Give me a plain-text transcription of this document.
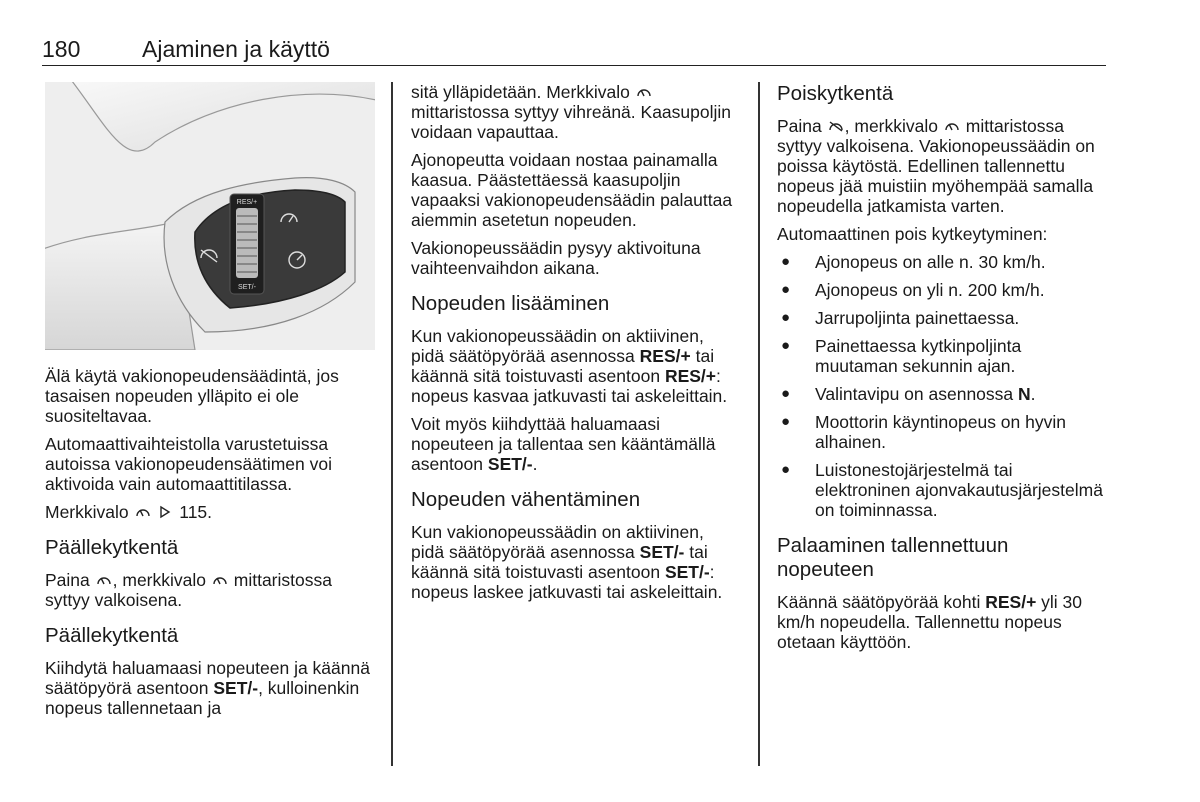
180	Ajaminen ja käyttö
RES/+
SET/-

Älä käytä vakionopeudensäädintä, jos tasaisen nopeuden ylläpito ei ole suositeltavaa.

Automaattivaihteistolla varustetuissa autoissa vakionopeudensäätimen voi aktivoida vain automaattitilassa.

Merkkivalo	115.

Päällekytkentä

Paina , merkkivalo mittaristossa syttyy valkoisena.

Päällekytkentä

Kiihdytä haluamaasi nopeuteen ja käännä säätöpyörä asentoon SET/-, kulloinenkin nopeus tallennetaan ja

sitä ylläpidetään. Merkkivalo  mittaristossa syttyy vihreänä. Kaasupoljin voidaan vapauttaa.

Ajonopeutta voidaan nostaa painamalla kaasua. Päästettäessä kaasupoljin vapaaksi vakionopeudensäädin palauttaa aiemmin asetetun nopeuden.

Vakionopeussäädin pysyy aktivoituna vaihteenvaihdon aikana.

Nopeuden lisääminen

Kun vakionopeussäädin on aktiivinen, pidä säätöpyörää asennossa RES/+ tai käännä sitä toistuvasti asentoon RES/+: nopeus kasvaa jatkuvasti tai askeleittain.

Voit myös kiihdyttää haluamaasi nopeuteen ja tallentaa sen kääntämällä asentoon SET/-.

Nopeuden vähentäminen

Kun vakionopeussäädin on aktiivinen, pidä säätöpyörää asennossa SET/- tai käännä sitä toistuvasti asentoon SET/-: nopeus laskee jatkuvasti tai askeleittain.

Poiskytkentä

Paina , merkkivalo mittaristossa syttyy valkoisena. Vakionopeussäädin on poissa käytöstä. Edellinen tallennettu nopeus jää muistiin myöhempää samalla nopeudella jatkamista varten.

Automaattinen pois kytkeytyminen:

● Ajonopeus on alle n. 30 km/h.
● Ajonopeus on yli n. 200 km/h.
● Jarrupoljinta painettaessa.
● Painettaessa kytkinpoljinta muutaman sekunnin ajan.
● Valintavipu on asennossa N.
● Moottorin käyntinopeus on hyvin alhainen.
● Luistonestojärjestelmä tai elektroninen ajonvakautusjärjestelmä on toiminnassa.
Palaaminen tallennettuun nopeuteen

Käännä säätöpyörää kohti RES/+ yli 30 km/h nopeudella. Tallennettu nopeus otetaan käyttöön.
